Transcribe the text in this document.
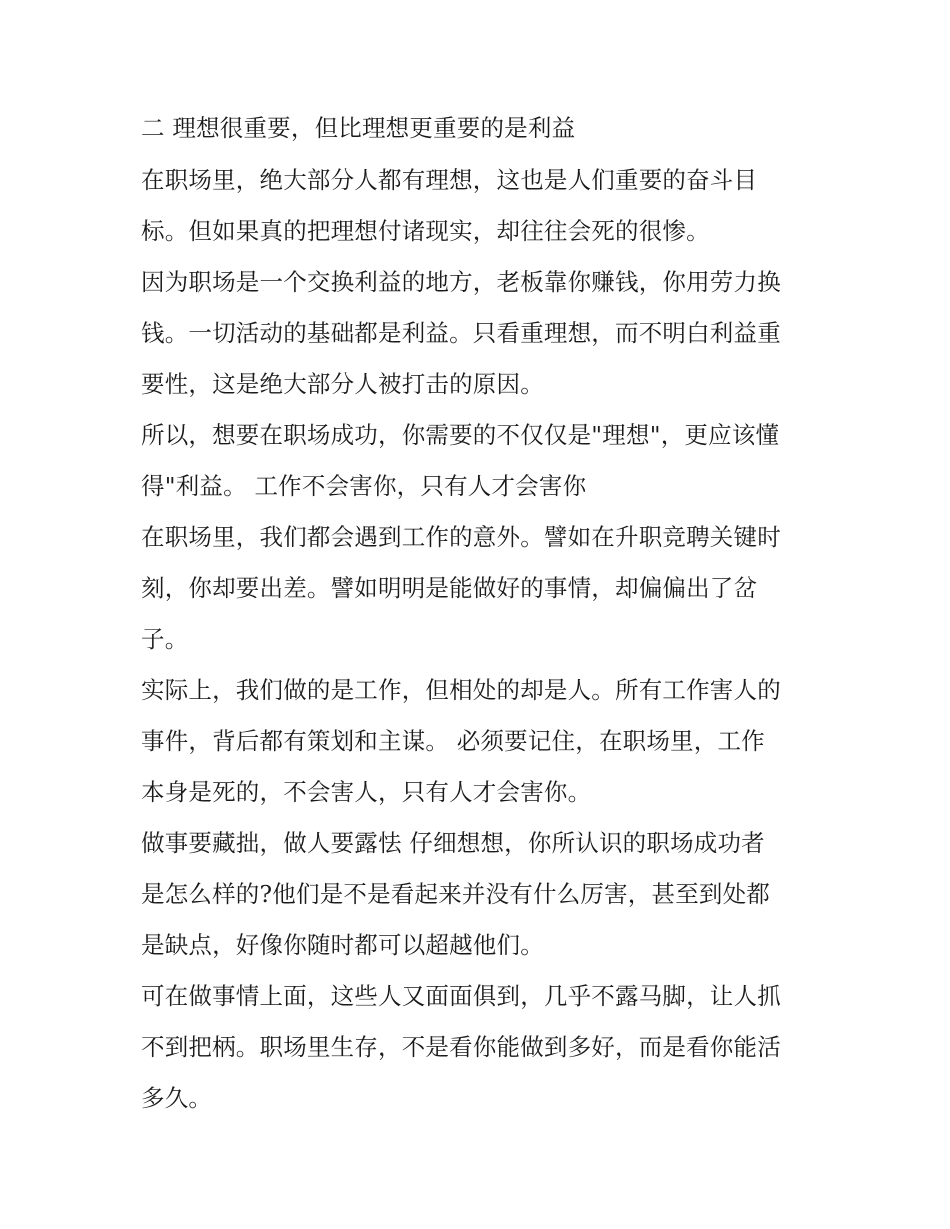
二 理想很重要，但比理想更重要的是利益
在职场里，绝大部分人都有理想，这也是人们重要的奋斗目
标。但如果真的把理想付诸现实，却往往会死的很惨。
因为职场是一个交换利益的地方，老板靠你赚钱，你用劳力换
钱。一切活动的基础都是利益。只看重理想，而不明白利益重
要性，这是绝大部分人被打击的原因。
所以，想要在职场成功，你需要的不仅仅是"理想"，更应该懂
得"利益。 工作不会害你，只有人才会害你
在职场里，我们都会遇到工作的意外。譬如在升职竞聘关键时
刻，你却要出差。譬如明明是能做好的事情，却偏偏出了岔
子。
实际上，我们做的是工作，但相处的却是人。所有工作害人的
事件，背后都有策划和主谋。 必须要记住，在职场里，工作
本身是死的，不会害人，只有人才会害你。
做事要藏拙，做人要露怯 仔细想想，你所认识的职场成功者
是怎么样的?他们是不是看起来并没有什么厉害，甚至到处都
是缺点，好像你随时都可以超越他们。
可在做事情上面，这些人又面面俱到，几乎不露马脚，让人抓
不到把柄。职场里生存，不是看你能做到多好，而是看你能活
多久。
